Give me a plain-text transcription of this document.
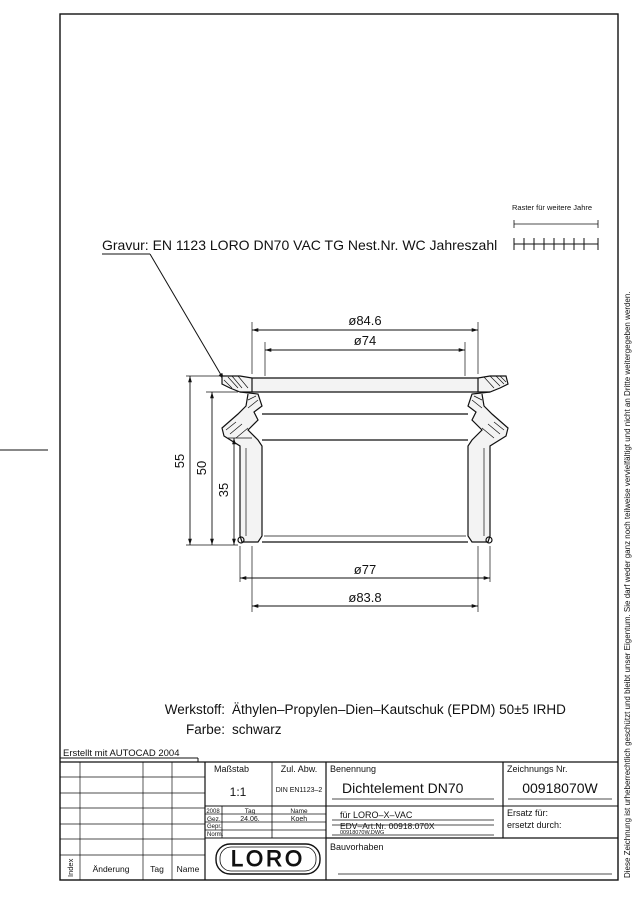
Diese Zeichnung ist urheberrechtlich geschützt und bleibt unser Eigentum. Sie darf weder ganz noch teilweise vervielfältigt und nicht an Dritte weitergegeben werden.
Gravur: EN 1123 LORO DN70 VAC TG Nest.Nr. WC Jahreszahl
Raster für weitere Jahre
ø84.6
ø74
ø77
ø83.8
55 50
35
Werkstoff: Äthylen–Propylen–Dien–Kautschuk (EPDM) 50±5 IRHD
Farbe: schwarz
Erstellt mit AUTOCAD 2004
Index Änderung Tag Name
Maßstab
1:1
Zul. Abw.
DIN EN1123–2
2008	Tag	Name
Gez.	24.06.	Koeh
Gepr.
Norm.
LORO
Benennung
Dichtelement DN70
Zeichnungs Nr.
00918070W
für LORO–X–VAC	Ersatz für:
EDV–Art.Nr. 00918.070X
00918070W.DWG
ersetzt durch:
Bauvorhaben
